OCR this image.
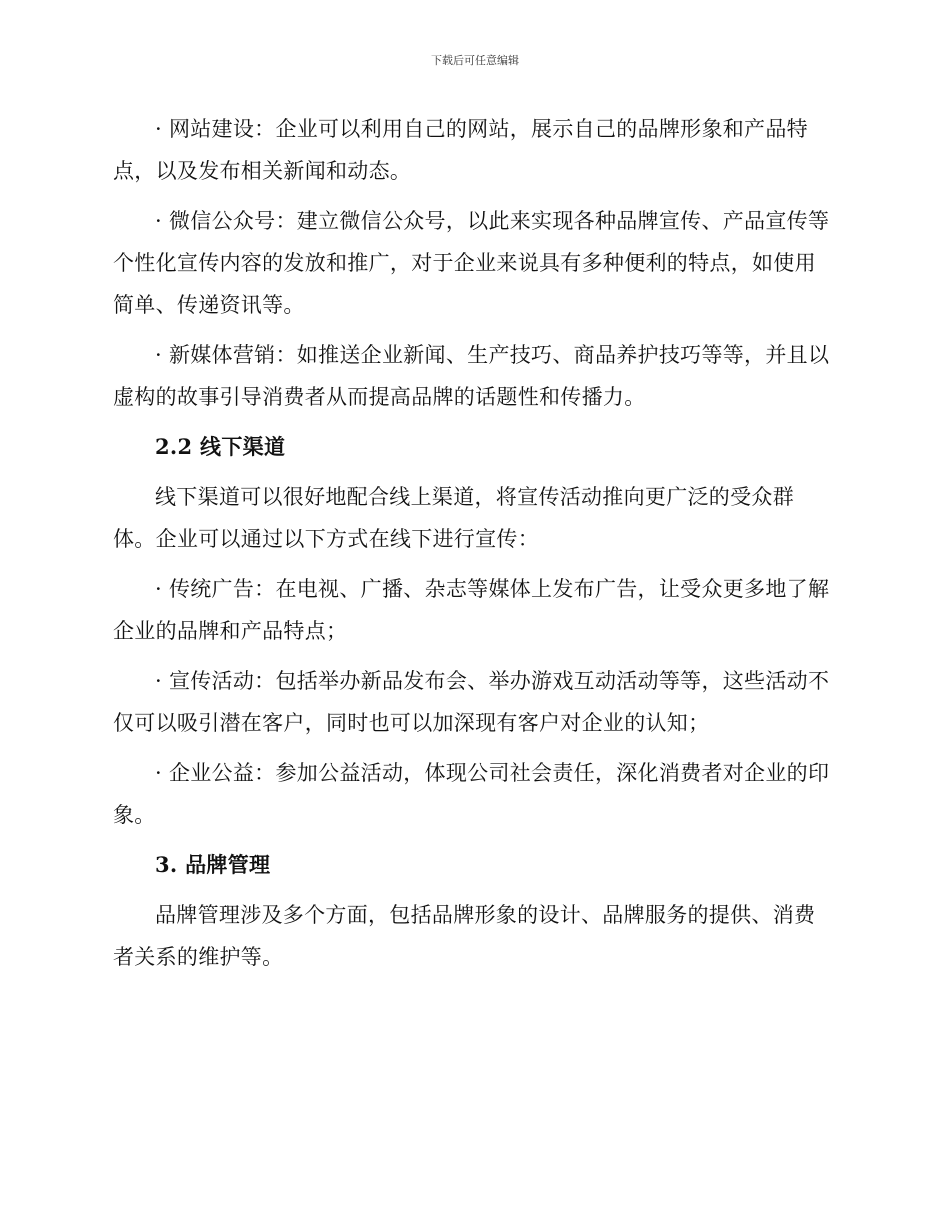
下载后可任意编辑

· 网站建设：企业可以利用自己的网站，展示自己的品牌形象和产品特点，以及发布相关新闻和动态。

· 微信公众号：建立微信公众号，以此来实现各种品牌宣传、产品宣传等个性化宣传内容的发放和推广，对于企业来说具有多种便利的特点，如使用简单、传递资讯等。

· 新媒体营销：如推送企业新闻、生产技巧、商品养护技巧等等，并且以虚构的故事引导消费者从而提高品牌的话题性和传播力。

2.2 线下渠道

线下渠道可以很好地配合线上渠道，将宣传活动推向更广泛的受众群体。企业可以通过以下方式在线下进行宣传：

· 传统广告：在电视、广播、杂志等媒体上发布广告，让受众更多地了解企业的品牌和产品特点；

· 宣传活动：包括举办新品发布会、举办游戏互动活动等等，这些活动不仅可以吸引潜在客户，同时也可以加深现有客户对企业的认知；

· 企业公益：参加公益活动，体现公司社会责任，深化消费者对企业的印象。

3. 品牌管理

品牌管理涉及多个方面，包括品牌形象的设计、品牌服务的提供、消费者关系的维护等。
